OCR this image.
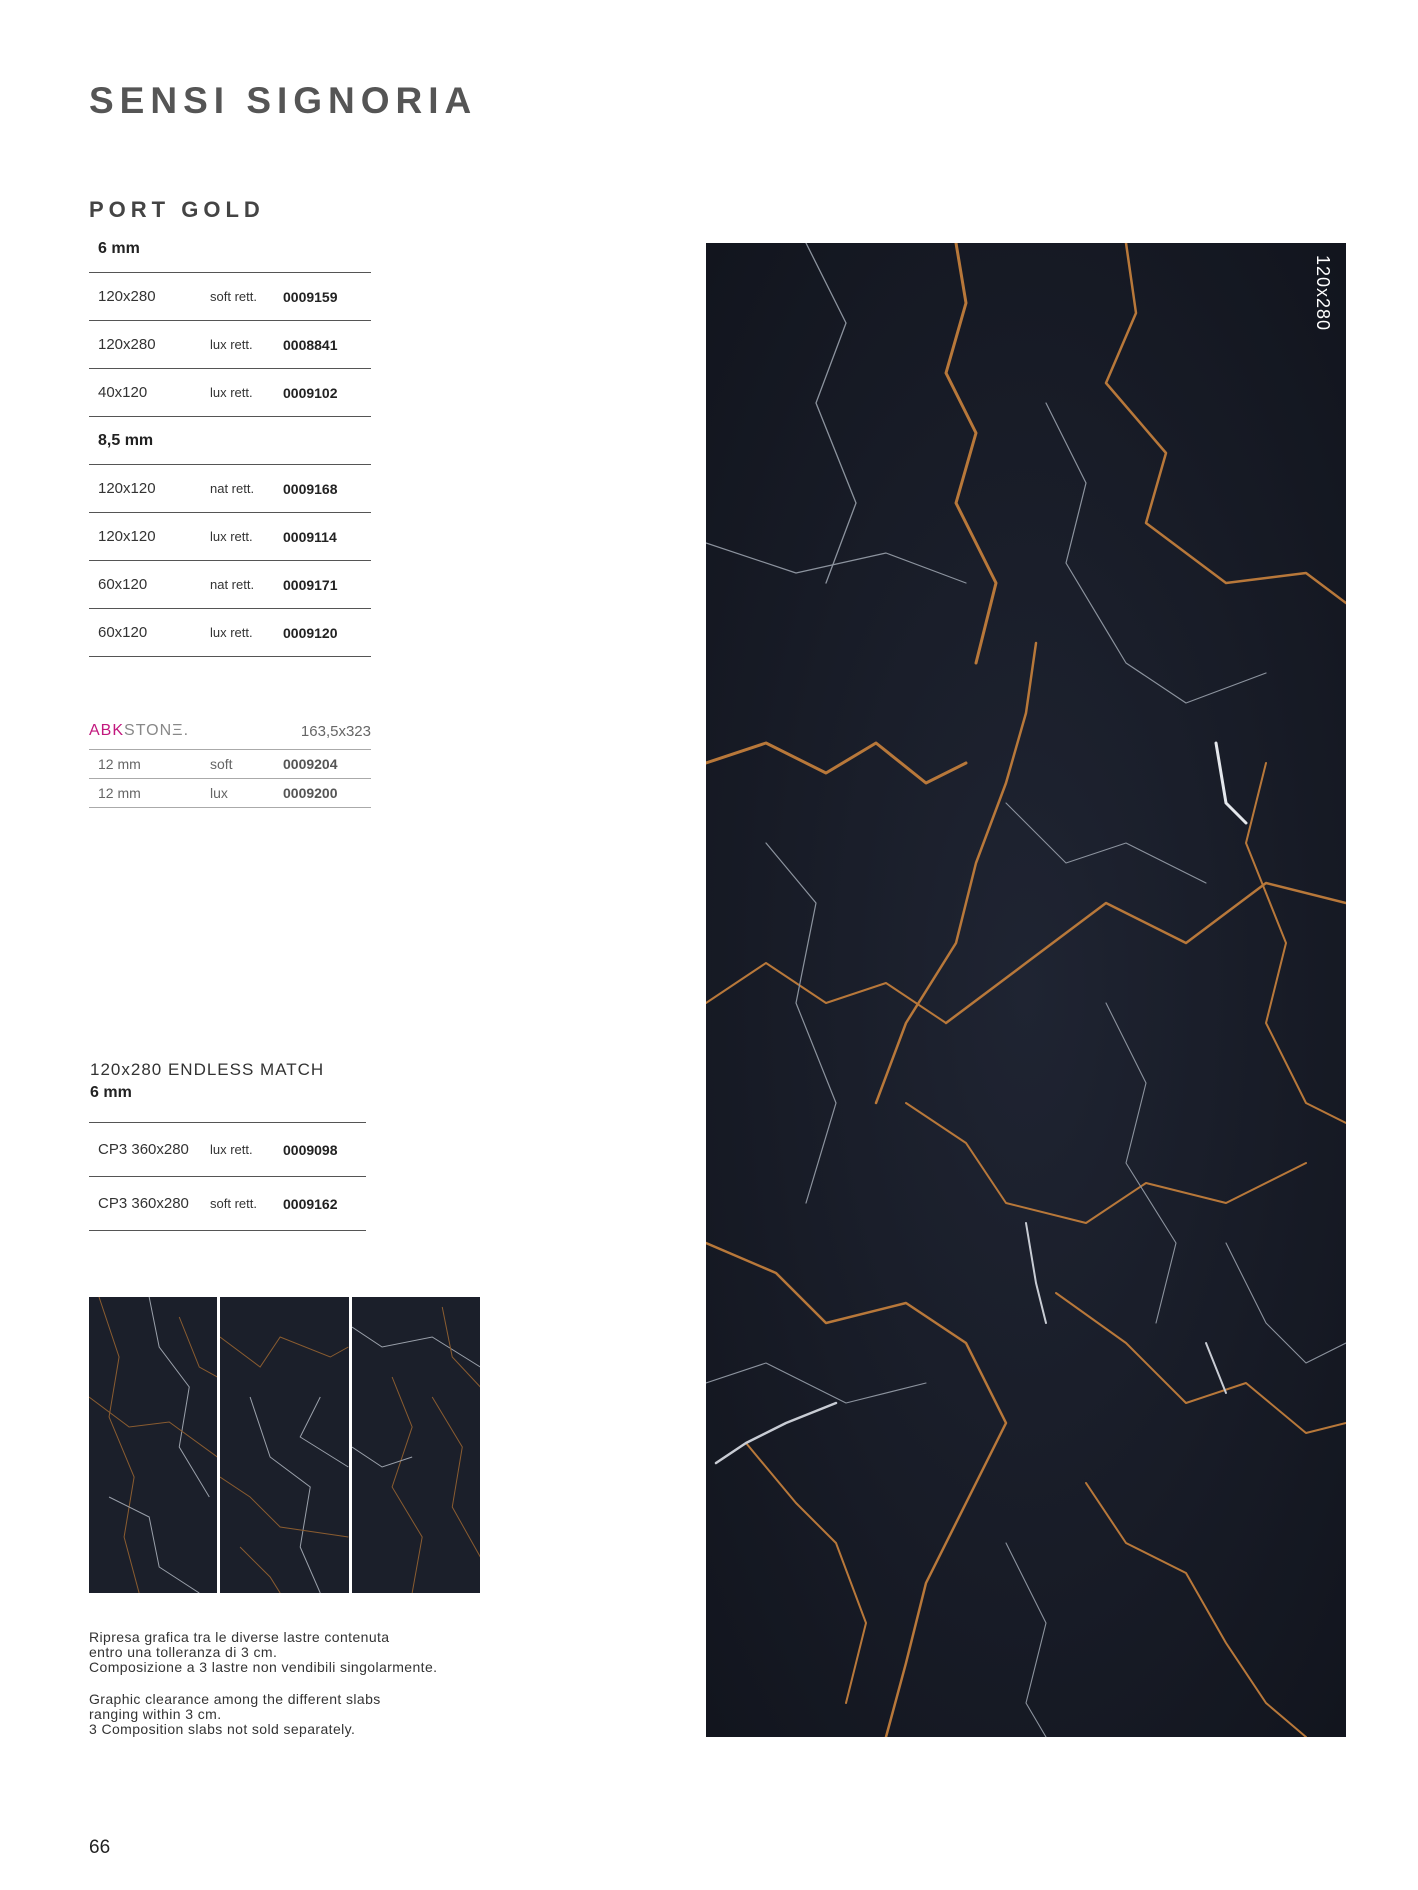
SENSI SIGNORIA
PORT GOLD
6 mm
120x280	soft rett.	0009159
120x280	lux rett.	0008841
40x120	lux rett.	0009102
8,5 mm
120x120	nat rett.	0009168
120x120	lux rett.	0009114
60x120	nat rett.	0009171
60x120	lux rett.	0009120
ABKSTONΞ.	163,5x323
12 mm	soft	0009204
12 mm	lux	0009200
120x280 ENDLESS MATCH
6 mm
CP3 360x280	lux rett.	0009098
CP3 360x280	soft rett.	0009162

Ripresa grafica tra le diverse lastre contenuta

entro una tolleranza di 3 cm.

Composizione a 3 lastre non vendibili singolarmente.

Graphic clearance among the different slabs

ranging within 3 cm.

3 Composition slabs not sold separately.

120x280
66
